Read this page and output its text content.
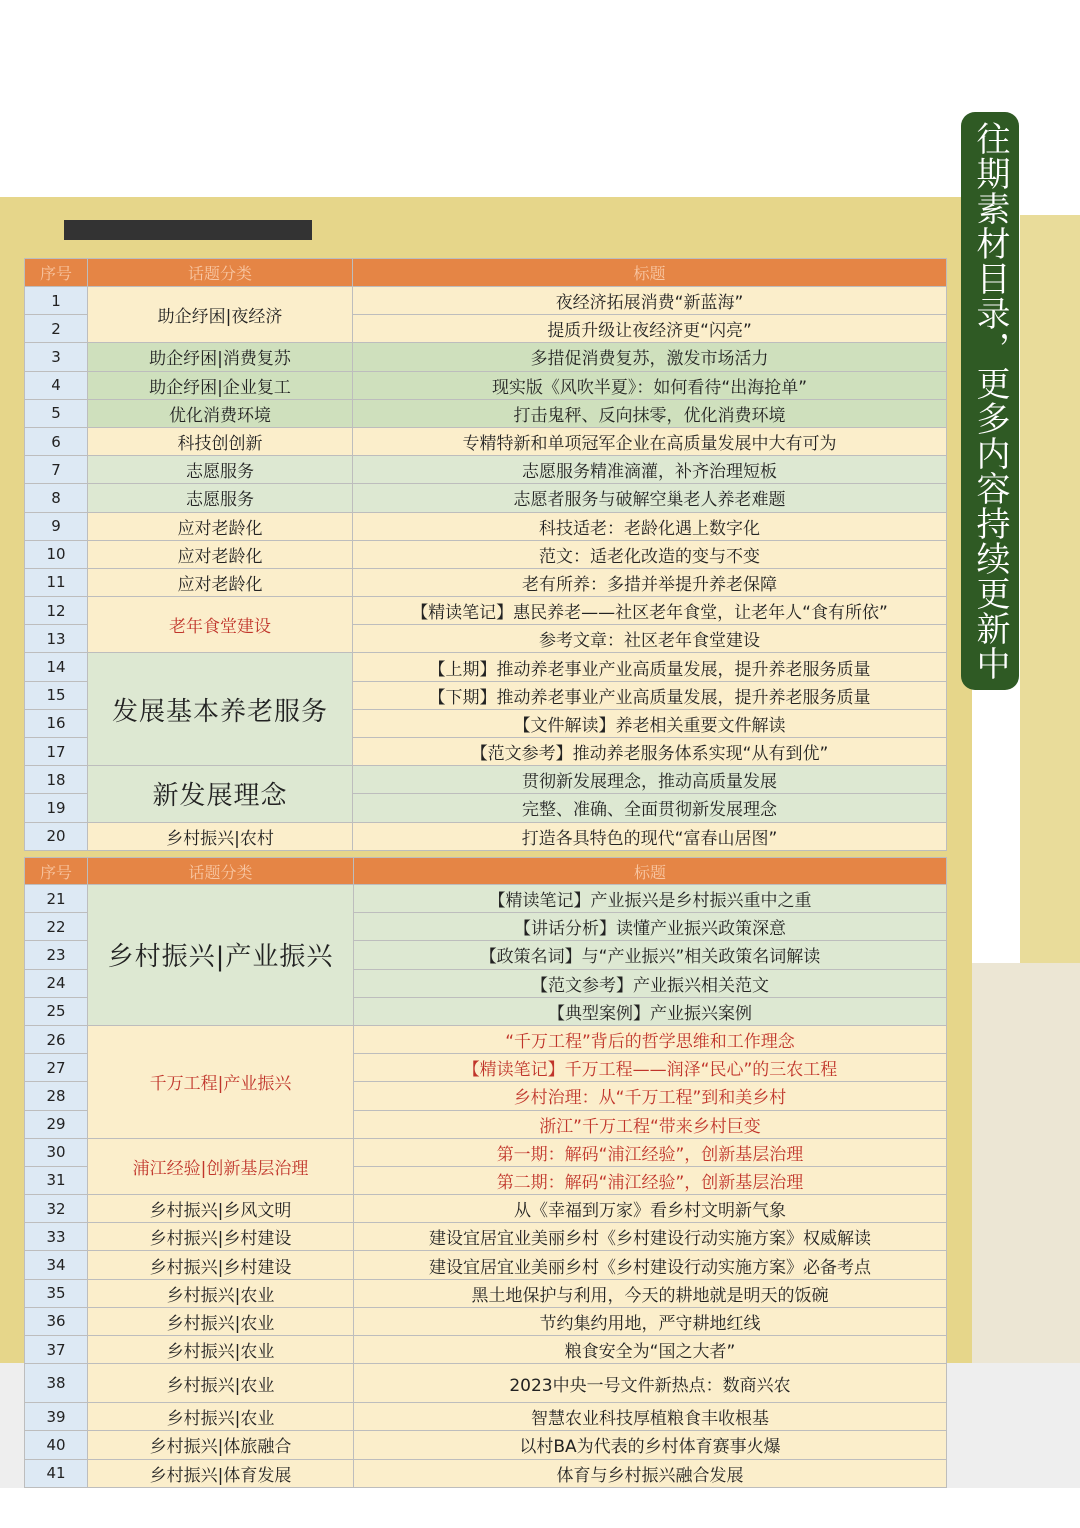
往期素材目录，更多内容持续更新中
序号	话题分类	标题
1	助企纾困|夜经济	夜经济拓展消费“新蓝海”
2		提质升级让夜经济更“闪亮”
3	助企纾困|消费复苏	多措促消费复苏，激发市场活力
4	助企纾困|企业复工	现实版《风吹半夏》：如何看待“出海抢单”
5	优化消费环境	打击鬼秤、反向抹零，优化消费环境
6	科技创创新	专精特新和单项冠军企业在高质量发展中大有可为
7	志愿服务	志愿服务精准滴灌，补齐治理短板
8	志愿服务	志愿者服务与破解空巢老人养老难题
9	应对老龄化	科技适老：老龄化遇上数字化
10	应对老龄化	范文：适老化改造的变与不变
11	应对老龄化	老有所养：多措并举提升养老保障
12	老年食堂建设	【精读笔记】惠民养老——社区老年食堂，让老年人“食有所依”
13		参考文章：社区老年食堂建设
14	发展基本养老服务	【上期】推动养老事业产业高质量发展，提升养老服务质量
15		【下期】推动养老事业产业高质量发展，提升养老服务质量
16		【文件解读】养老相关重要文件解读
17		【范文参考】推动养老服务体系实现“从有到优”
18	新发展理念	贯彻新发展理念，推动高质量发展
19		完整、准确、全面贯彻新发展理念
20	乡村振兴|农村	打造各具特色的现代“富春山居图”
序号	话题分类	标题
21	乡村振兴|产业振兴	【精读笔记】产业振兴是乡村振兴重中之重
22		【讲话分析】读懂产业振兴政策深意
23		【政策名词】与“产业振兴”相关政策名词解读
24		【范文参考】产业振兴相关范文
25		【典型案例】产业振兴案例
26	千万工程|产业振兴	“千万工程”背后的哲学思维和工作理念
27		【精读笔记】千万工程——润泽“民心”的三农工程
28		乡村治理：从“千万工程”到和美乡村
29		浙江”千万工程“带来乡村巨变
30	浦江经验|创新基层治理	第一期：解码“浦江经验”，创新基层治理
31		第二期：解码“浦江经验”，创新基层治理
32	乡村振兴|乡风文明	从《幸福到万家》看乡村文明新气象
33	乡村振兴|乡村建设	建设宜居宜业美丽乡村《乡村建设行动实施方案》权威解读
34	乡村振兴|乡村建设	建设宜居宜业美丽乡村《乡村建设行动实施方案》必备考点
35	乡村振兴|农业	黑土地保护与利用，今天的耕地就是明天的饭碗
36	乡村振兴|农业	节约集约用地，严守耕地红线
37	乡村振兴|农业	粮食安全为“国之大者”
38	乡村振兴|农业	2023中央一号文件新热点：数商兴农
39	乡村振兴|农业	智慧农业科技厚植粮食丰收根基
40	乡村振兴|体旅融合	以村BA为代表的乡村体育赛事火爆
41	乡村振兴|体育发展	体育与乡村振兴融合发展
